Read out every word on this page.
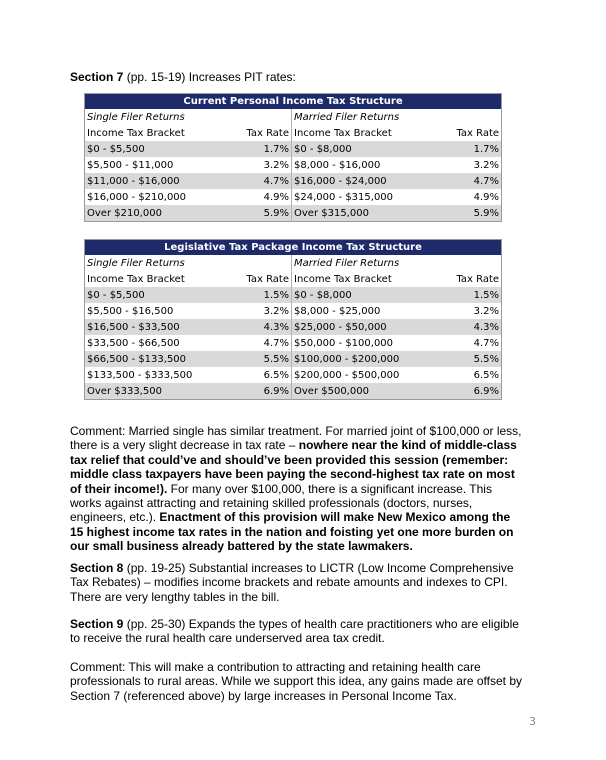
Section 7 (pp. 15-19) Increases PIT rates:
Current Personal Income Tax Structure			
Single Filer Returns		Married Filer Returns	
Income Tax Bracket	Tax Rate	Income Tax Bracket	Tax Rate
$0 - $5,500	1.7%	$0 - $8,000	1.7%
$5,500 - $11,000	3.2%	$8,000 - $16,000	3.2%
$11,000 - $16,000	4.7%	$16,000 - $24,000	4.7%
$16,000 - $210,000	4.9%	$24,000 - $315,000	4.9%
Over $210,000	5.9%	Over $315,000	5.9%
Legislative Tax Package Income Tax Structure			
Single Filer Returns		Married Filer Returns	
Income Tax Bracket	Tax Rate	Income Tax Bracket	Tax Rate
$0 - $5,500	1.5%	$0 - $8,000	1.5%
$5,500 - $16,500	3.2%	$8,000 - $25,000	3.2%
$16,500 - $33,500	4.3%	$25,000 - $50,000	4.3%
$33,500 - $66,500	4.7%	$50,000 - $100,000	4.7%
$66,500 - $133,500	5.5%	$100,000 - $200,000	5.5%
$133,500 - $333,500	6.5%	$200,000 - $500,000	6.5%
Over $333,500	6.9%	Over $500,000	6.9%
Comment: Married single has similar treatment. For married joint of $100,000 or less, there is a very slight decrease in tax rate – nowhere near the kind of middle-class tax relief that could’ve and should’ve been provided this session (remember: middle class taxpayers have been paying the second-highest tax rate on most of their income!). For many over $100,000, there is a significant increase. This works against attracting and retaining skilled professionals (doctors, nurses, engineers, etc.). Enactment of this provision will make New Mexico among the 15 highest income tax rates in the nation and foisting yet one more burden on our small business already battered by the state lawmakers.
Section 8 (pp. 19-25) Substantial increases to LICTR (Low Income Comprehensive Tax Rebates) – modifies income brackets and rebate amounts and indexes to CPI. There are very lengthy tables in the bill.
Section 9 (pp. 25-30) Expands the types of health care practitioners who are eligible to receive the rural health care underserved area tax credit.
Comment: This will make a contribution to attracting and retaining health care professionals to rural areas. While we support this idea, any gains made are offset by Section 7 (referenced above) by large increases in Personal Income Tax.
3
